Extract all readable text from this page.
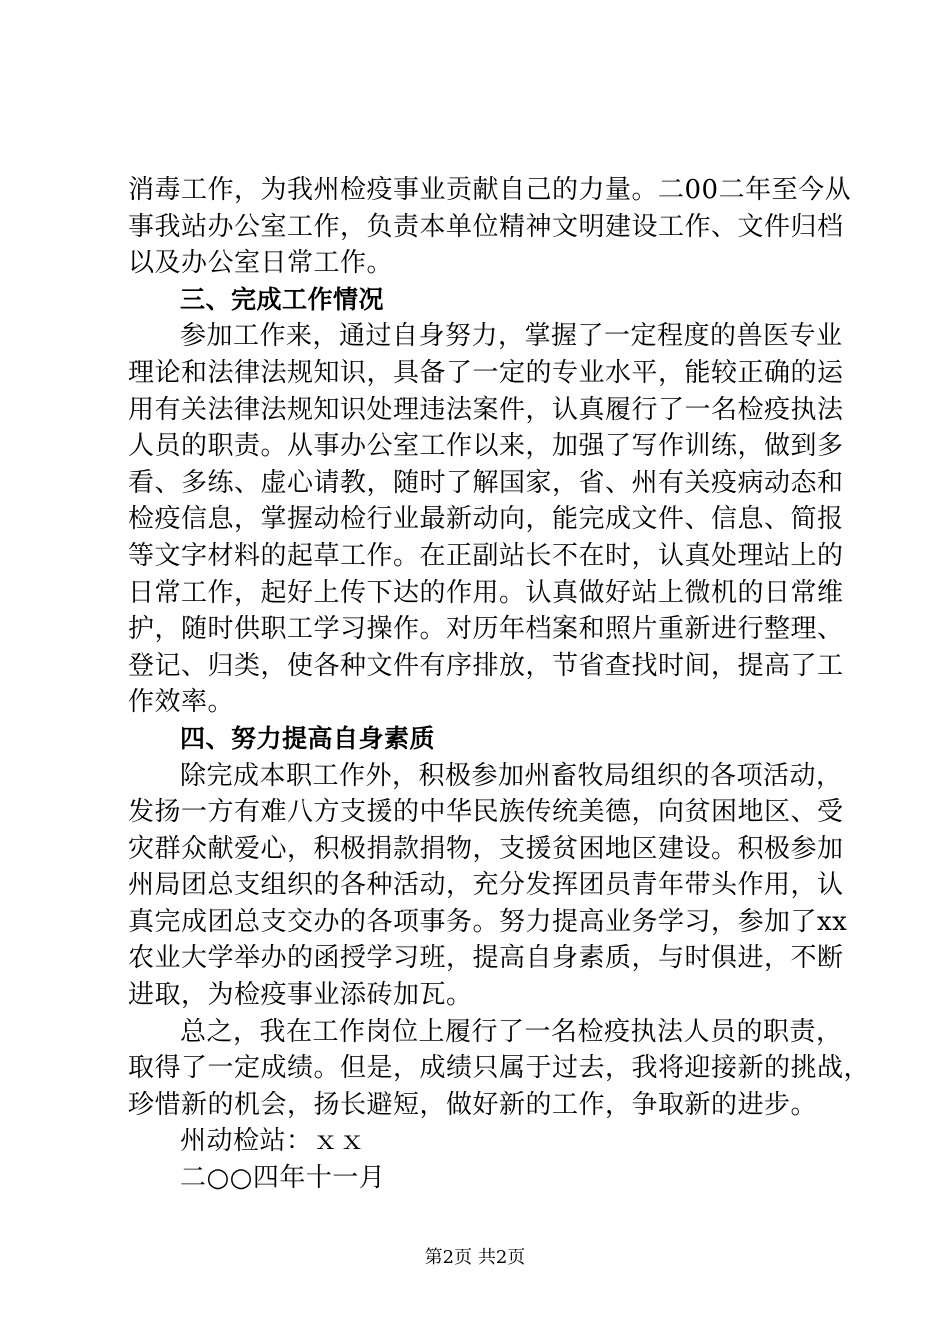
消毒工作，为我州检疫事业贡献自己的力量。二00二年至今从
事我站办公室工作，负责本单位精神文明建设工作、文件归档
以及办公室日常工作。
三、完成工作情况
参加工作来，通过自身努力，掌握了一定程度的兽医专业
理论和法律法规知识，具备了一定的专业水平，能较正确的运
用有关法律法规知识处理违法案件，认真履行了一名检疫执法
人员的职责。从事办公室工作以来，加强了写作训练，做到多
看、多练、虚心请教，随时了解国家，省、州有关疫病动态和
检疫信息，掌握动检行业最新动向，能完成文件、信息、简报
等文字材料的起草工作。在正副站长不在时，认真处理站上的
日常工作，起好上传下达的作用。认真做好站上微机的日常维
护，随时供职工学习操作。对历年档案和照片重新进行整理、
登记、归类，使各种文件有序排放，节省查找时间，提高了工
作效率。
四、努力提高自身素质
除完成本职工作外，积极参加州畜牧局组织的各项活动，
发扬一方有难八方支援的中华民族传统美德，向贫困地区、受
灾群众献爱心，积极捐款捐物，支援贫困地区建设。积极参加
州局团总支组织的各种活动，充分发挥团员青年带头作用，认
真完成团总支交办的各项事务。努力提高业务学习，参加了xx
农业大学举办的函授学习班，提高自身素质，与时俱进，不断
进取，为检疫事业添砖加瓦。
总之，我在工作岗位上履行了一名检疫执法人员的职责，
取得了一定成绩。但是，成绩只属于过去，我将迎接新的挑战，
珍惜新的机会，扬长避短，做好新的工作，争取新的进步。
州动检站：ｘｘ
二○○四年十一月
第2页 共2页
